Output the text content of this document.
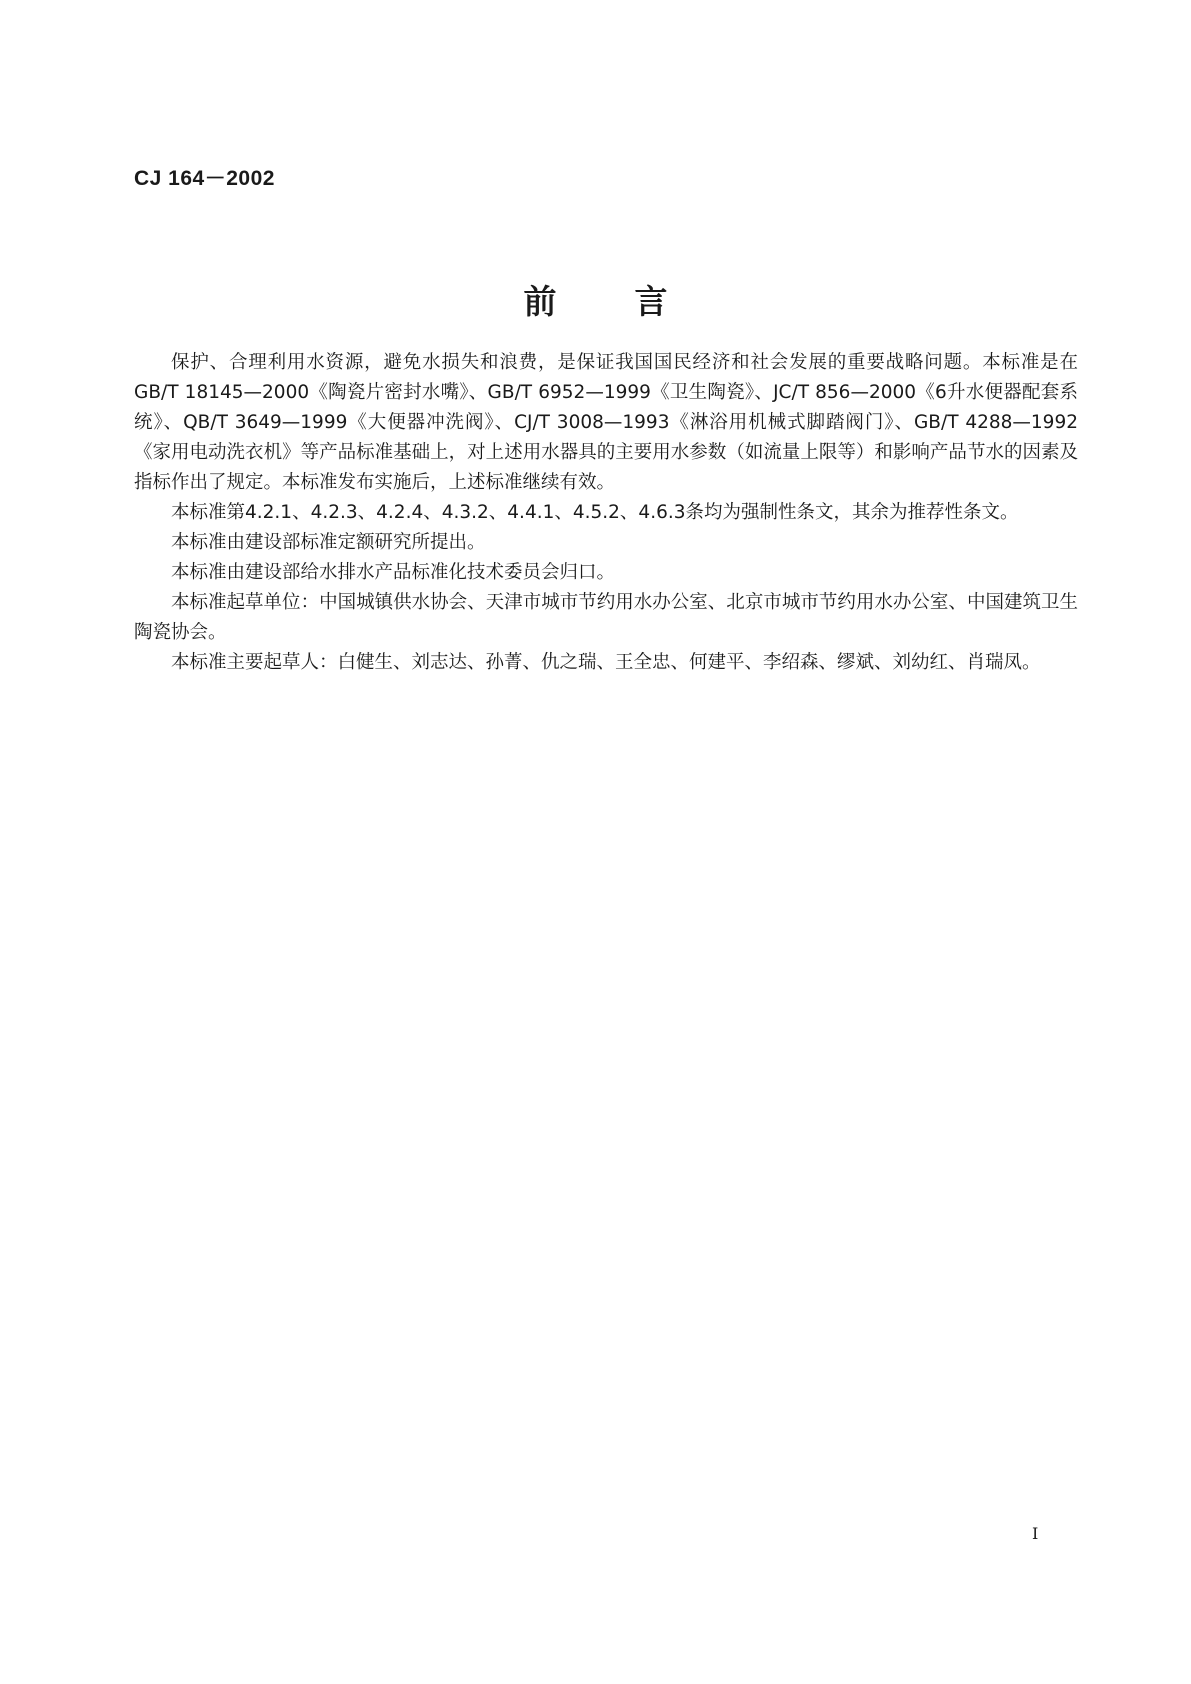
CJ 164－2002
前言

保护、合理利用水资源，避免水损失和浪费，是保证我国国民经济和社会发展的重要战略问题。本标准是在GB/T 18145—2000《陶瓷片密封水嘴》、GB/T 6952—1999《卫生陶瓷》、JC/T 856—2000《6升水便器配套系统》、QB/T 3649—1999《大便器冲洗阀》、CJ/T 3008—1993《淋浴用机械式脚踏阀门》、GB/T 4288—1992《家用电动洗衣机》等产品标准基础上，对上述用水器具的主要用水参数（如流量上限等）和影响产品节水的因素及指标作出了规定。本标准发布实施后，上述标准继续有效。

本标准第4.2.1、4.2.3、4.2.4、4.3.2、4.4.1、4.5.2、4.6.3条均为强制性条文，其余为推荐性条文。

本标准由建设部标准定额研究所提出。

本标准由建设部给水排水产品标准化技术委员会归口。

本标准起草单位：中国城镇供水协会、天津市城市节约用水办公室、北京市城市节约用水办公室、中国建筑卫生陶瓷协会。

本标准主要起草人：白健生、刘志达、孙菁、仇之瑞、王全忠、何建平、李绍森、缪斌、刘幼红、肖瑞凤。

I
